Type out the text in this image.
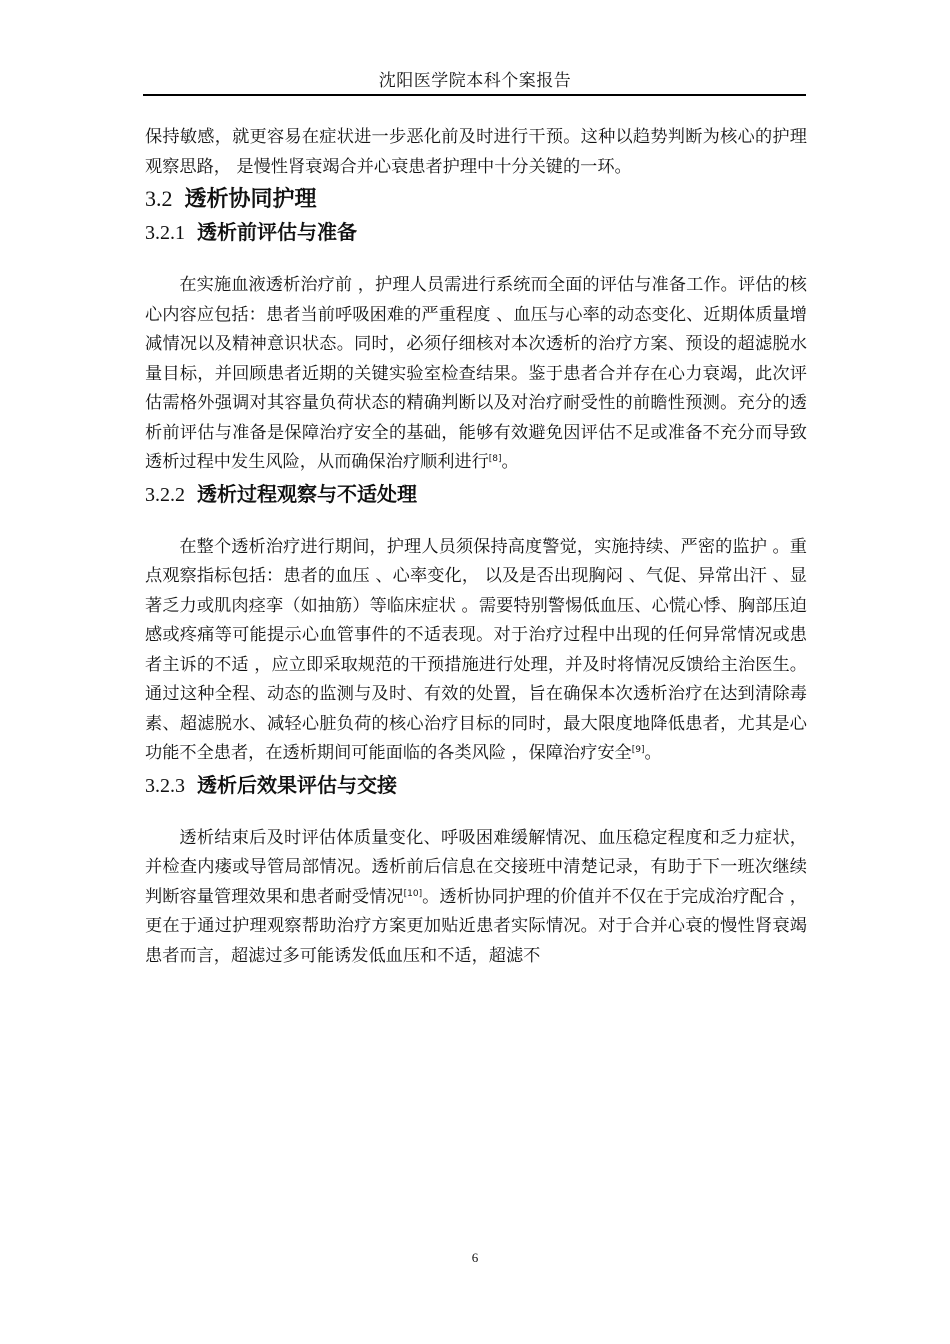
沈阳医学院本科个案报告

保持敏感，就更容易在症状进一步恶化前及时进行干预。这种以趋势判断为核心的护理观察思路， 是慢性肾衰竭合并心衰患者护理中十分关键的一环。

3.2 透析协同护理
3.2.1 透析前评估与准备

在实施血液透析治疗前 ，护理人员需进行系统而全面的评估与准备工作。评估的核心内容应包括：患者当前呼吸困难的严重程度 、血压与心率的动态变化、近期体质量增减情况以及精神意识状态。同时，必须仔细核对本次透析的治疗方案、预设的超滤脱水量目标，并回顾患者近期的关键实验室检查结果。鉴于患者合并存在心力衰竭，此次评估需格外强调对其容量负荷状态的精确判断以及对治疗耐受性的前瞻性预测。充分的透析前评估与准备是保障治疗安全的基础，能够有效避免因评估不足或准备不充分而导致透析过程中发生风险，从而确保治疗顺利进行[8]。

3.2.2 透析过程观察与不适处理

在整个透析治疗进行期间，护理人员须保持高度警觉，实施持续、严密的监护 。重点观察指标包括：患者的血压 、心率变化， 以及是否出现胸闷 、气促、异常出汗 、显著乏力或肌肉痉挛（如抽筋）等临床症状 。需要特别警惕低血压、心慌心悸、胸部压迫感或疼痛等可能提示心血管事件的不适表现。对于治疗过程中出现的任何异常情况或患者主诉的不适 ，应立即采取规范的干预措施进行处理，并及时将情况反馈给主治医生。通过这种全程、动态的监测与及时、有效的处置，旨在确保本次透析治疗在达到清除毒素、超滤脱水、减轻心脏负荷的核心治疗目标的同时，最大限度地降低患者，尤其是心功能不全患者，在透析期间可能面临的各类风险 ，保障治疗安全[9]。

3.2.3 透析后效果评估与交接

透析结束后及时评估体质量变化、呼吸困难缓解情况、血压稳定程度和乏力症状，并检查内瘘或导管局部情况。透析前后信息在交接班中清楚记录，有助于下一班次继续判断容量管理效果和患者耐受情况[10]。透析协同护理的价值并不仅在于完成治疗配合 ， 更在于通过护理观察帮助治疗方案更加贴近患者实际情况。对于合并心衰的慢性肾衰竭患者而言，超滤过多可能诱发低血压和不适，超滤不

6
